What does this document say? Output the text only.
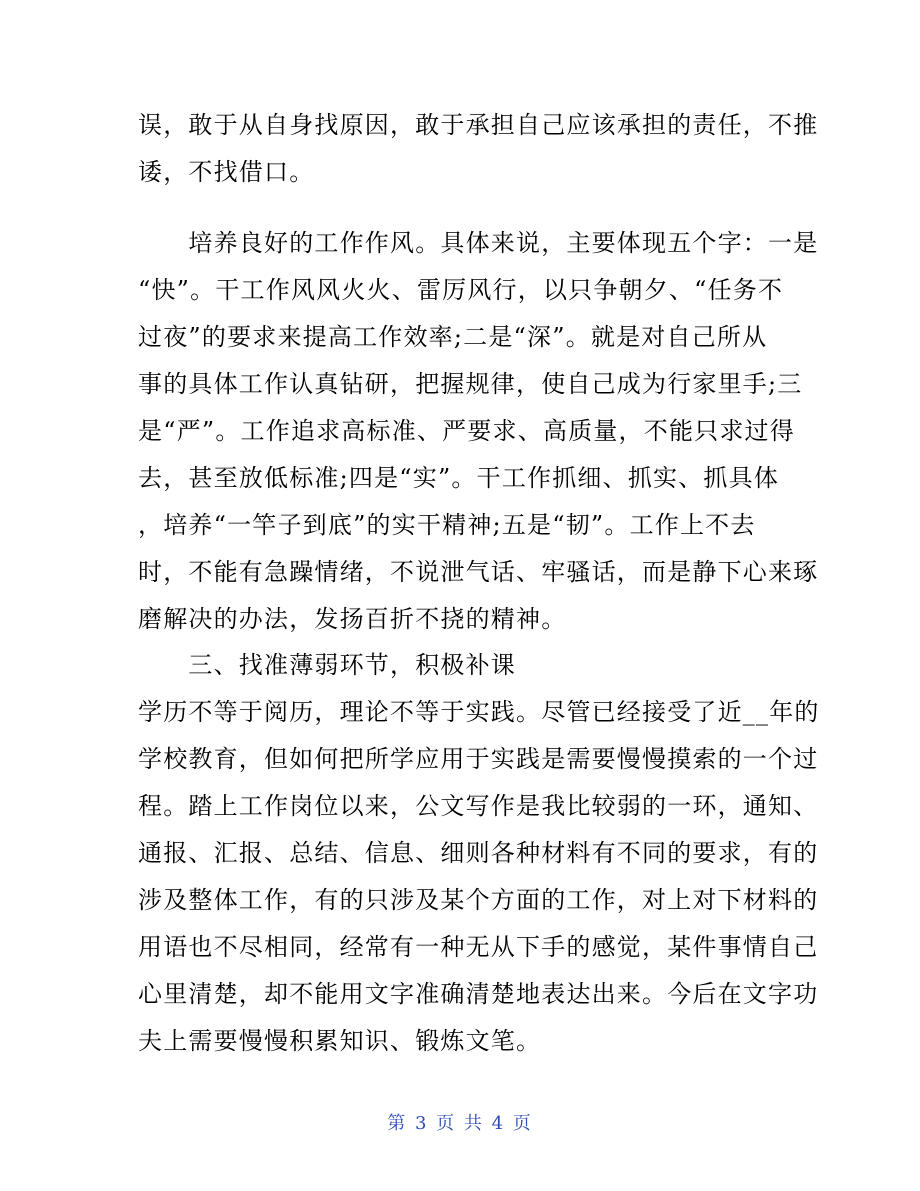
误，敢于从自身找原因，敢于承担自己应该承担的责任，不推
诿，不找借口。
　　培养良好的工作作风。具体来说，主要体现五个字：一是
“快”。干工作风风火火、雷厉风行，以只争朝夕、“任务不
过夜”的要求来提高工作效率;二是“深”。就是对自己所从
事的具体工作认真钻研，把握规律，使自己成为行家里手;三
是“严”。工作追求高标准、严要求、高质量，不能只求过得
去，甚至放低标准;四是“实”。干工作抓细、抓实、抓具体
，培养“一竿子到底”的实干精神;五是“韧”。工作上不去
时，不能有急躁情绪，不说泄气话、牢骚话，而是静下心来琢
磨解决的办法，发扬百折不挠的精神。
　　三、找准薄弱环节，积极补课
学历不等于阅历，理论不等于实践。尽管已经接受了近__年的
学校教育，但如何把所学应用于实践是需要慢慢摸索的一个过
程。踏上工作岗位以来，公文写作是我比较弱的一环，通知、
通报、汇报、总结、信息、细则各种材料有不同的要求，有的
涉及整体工作，有的只涉及某个方面的工作，对上对下材料的
用语也不尽相同，经常有一种无从下手的感觉，某件事情自己
心里清楚，却不能用文字准确清楚地表达出来。今后在文字功
夫上需要慢慢积累知识、锻炼文笔。
第 3 页 共 4 页
